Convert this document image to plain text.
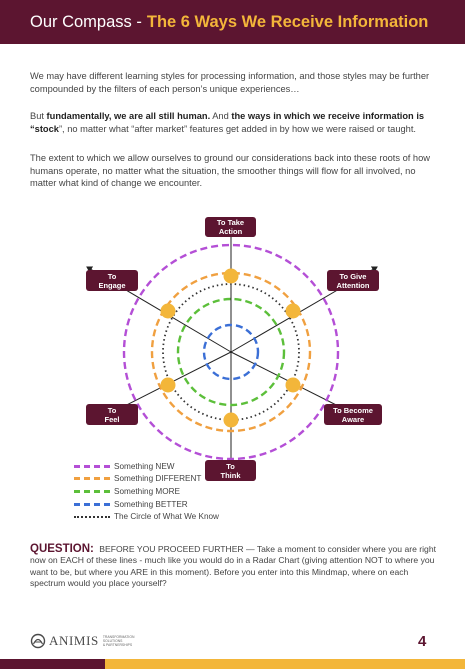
Our Compass - The 6 Ways We Receive Information

We may have different learning styles for processing information, and those styles may be further compounded by the filters of each person’s unique experiences…

But fundamentally, we are all still human. And the ways in which we receive information is “stock”, no matter what “after market” features get added in by how we were raised or taught.

The extent to which we allow ourselves to ground our considerations back into these roots of how humans operate, no matter what the situation, the smoother things will flow for all involved, no matter what kind of change we encounter.

To Take
Action
To Give
Attention
To Become
Aware
To
Think
To
Feel
To
Engage
Something NEW
Something DIFFERENT
Something MORE
Something BETTER
The Circle of What We Know

QUESTION: BEFORE YOU PROCEED FURTHER — Take a moment to consider where you are right now on EACH of these lines - much like you would do in a Radar Chart (giving attention NOT to where you want to be, but where you ARE in this moment). Before you enter into this Mindmap, where on each spectrum would you place yourself?

ANIMIS TRANSFORMATION
SOLUTIONS
& PARTNERSHIPS	4
